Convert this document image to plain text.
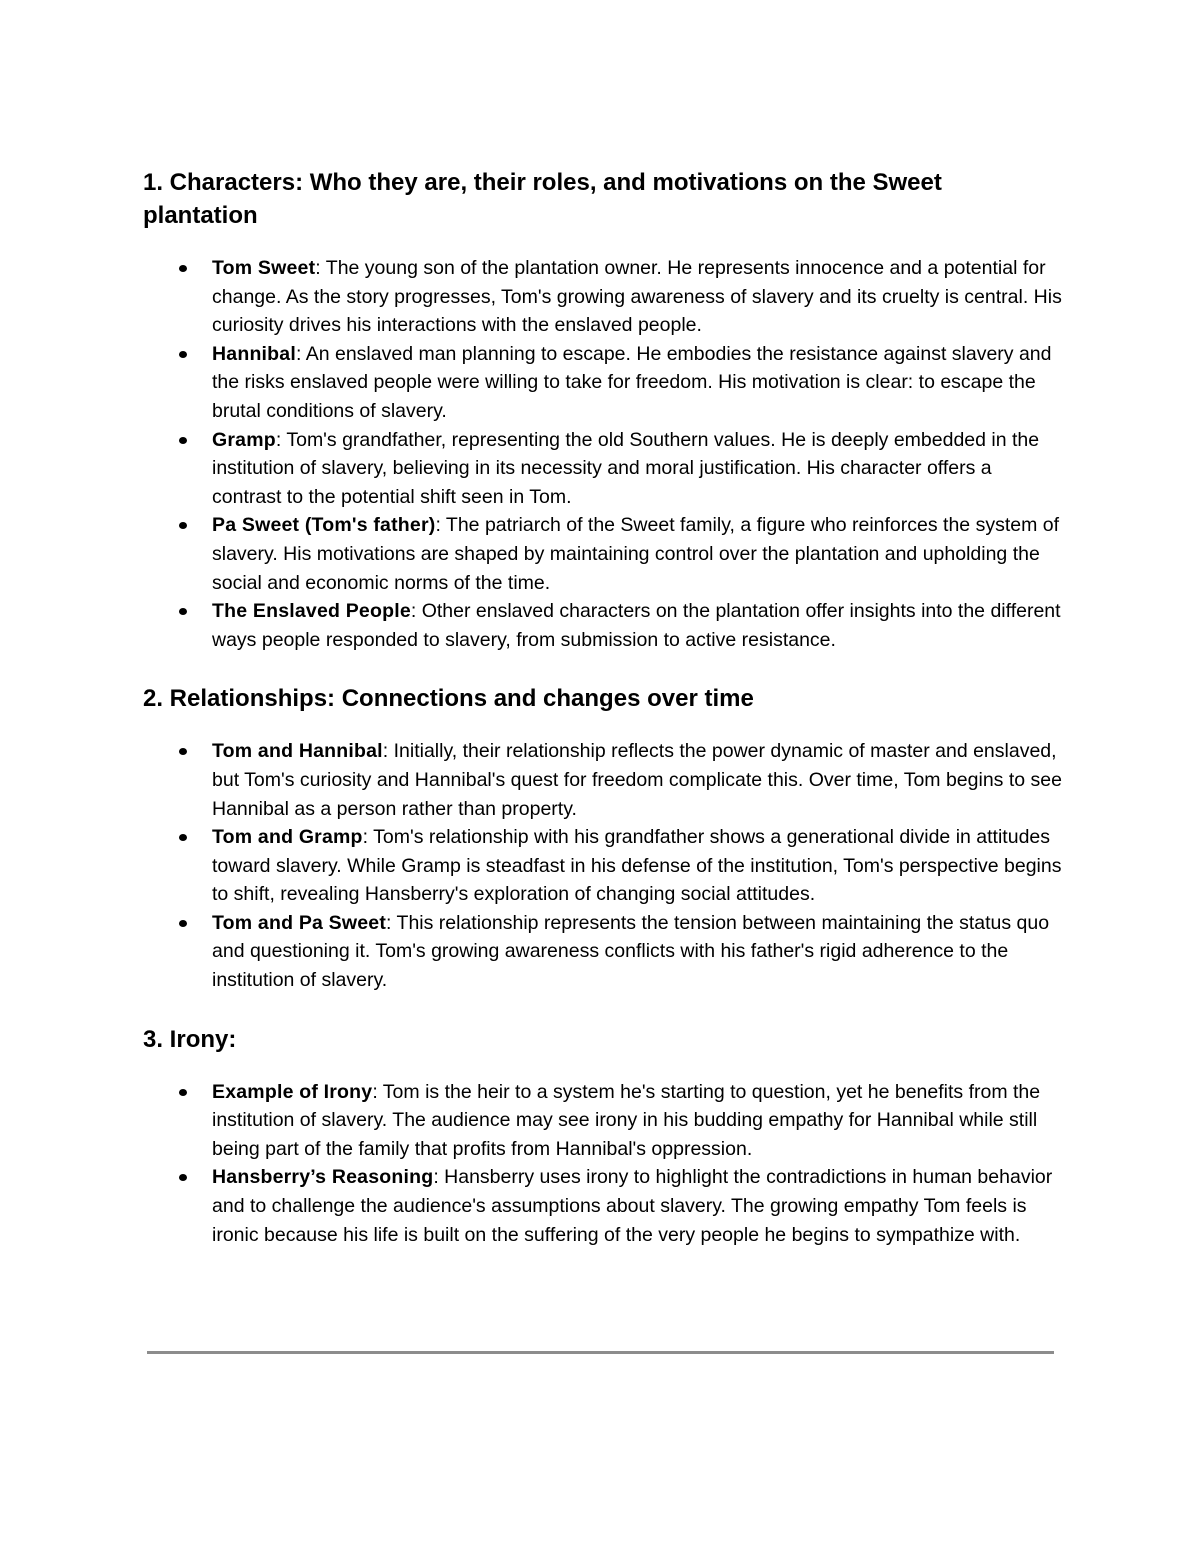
1. Characters: Who they are, their roles, and motivations on the Sweet plantation
Tom Sweet: The young son of the plantation owner. He represents innocence and a potential for change. As the story progresses, Tom's growing awareness of slavery and its cruelty is central. His curiosity drives his interactions with the enslaved people.
Hannibal: An enslaved man planning to escape. He embodies the resistance against slavery and the risks enslaved people were willing to take for freedom. His motivation is clear: to escape the brutal conditions of slavery.
Gramp: Tom's grandfather, representing the old Southern values. He is deeply embedded in the institution of slavery, believing in its necessity and moral justification. His character offers a contrast to the potential shift seen in Tom.
Pa Sweet (Tom's father): The patriarch of the Sweet family, a figure who reinforces the system of slavery. His motivations are shaped by maintaining control over the plantation and upholding the social and economic norms of the time.
The Enslaved People: Other enslaved characters on the plantation offer insights into the different ways people responded to slavery, from submission to active resistance.
2. Relationships: Connections and changes over time
Tom and Hannibal: Initially, their relationship reflects the power dynamic of master and enslaved, but Tom's curiosity and Hannibal's quest for freedom complicate this. Over time, Tom begins to see Hannibal as a person rather than property.
Tom and Gramp: Tom's relationship with his grandfather shows a generational divide in attitudes toward slavery. While Gramp is steadfast in his defense of the institution, Tom's perspective begins to shift, revealing Hansberry's exploration of changing social attitudes.
Tom and Pa Sweet: This relationship represents the tension between maintaining the status quo and questioning it. Tom's growing awareness conflicts with his father's rigid adherence to the institution of slavery.
3. Irony:
Example of Irony: Tom is the heir to a system he's starting to question, yet he benefits from the institution of slavery. The audience may see irony in his budding empathy for Hannibal while still being part of the family that profits from Hannibal's oppression.
Hansberry’s Reasoning: Hansberry uses irony to highlight the contradictions in human behavior and to challenge the audience's assumptions about slavery. The growing empathy Tom feels is ironic because his life is built on the suffering of the very people he begins to sympathize with.
